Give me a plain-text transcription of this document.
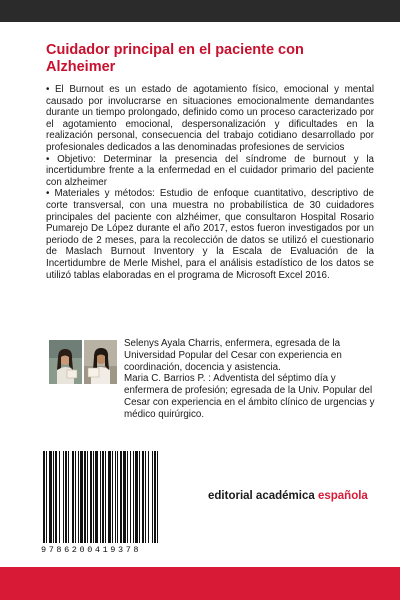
Cuidador principal en el paciente con Alzheimer

• El Burnout es un estado de agotamiento físico, emocional y mental causado por involucrarse en situaciones emocionalmente demandantes durante un tiempo prolongado, definido como un proceso caracterizado por el agotamiento emocional, despersonalización y dificultades en la realización personal, consecuencia del trabajo cotidiano desarrollado por profesionales dedicados a las denominadas profesiones de servicios

• Objetivo: Determinar la presencia del síndrome de burnout y la incertidumbre frente a la enfermedad en el cuidador primario del paciente con alzheimer

• Materiales y métodos: Estudio de enfoque cuantitativo, descriptivo de corte transversal, con una muestra no probabilística de 30 cuidadores principales del paciente con alzhéimer, que consultaron Hospital Rosario Pumarejo De López durante el año 2017, estos fueron investigados por un periodo de 2 meses, para la recolección de datos se utilizó el cuestionario de Maslach Burnout Inventory y la Escala de Evaluación de la Incertidumbre de Merle Mishel, para el análisis estadístico de los datos se utilizó tablas elaboradas en el programa de Microsoft Excel 2016.

Selenys Ayala Charris, enfermera, egresada de la Universidad Popular del Cesar con experiencia en coordinación, docencia y asistencia.

Maria C. Barrios P. : Adventista del séptimo día y enfermera de profesión; egresada de la Univ. Popular del Cesar con experiencia en el ámbito clínico de urgencias y médico quirúrgico.

9786200419378
editorial académica española
